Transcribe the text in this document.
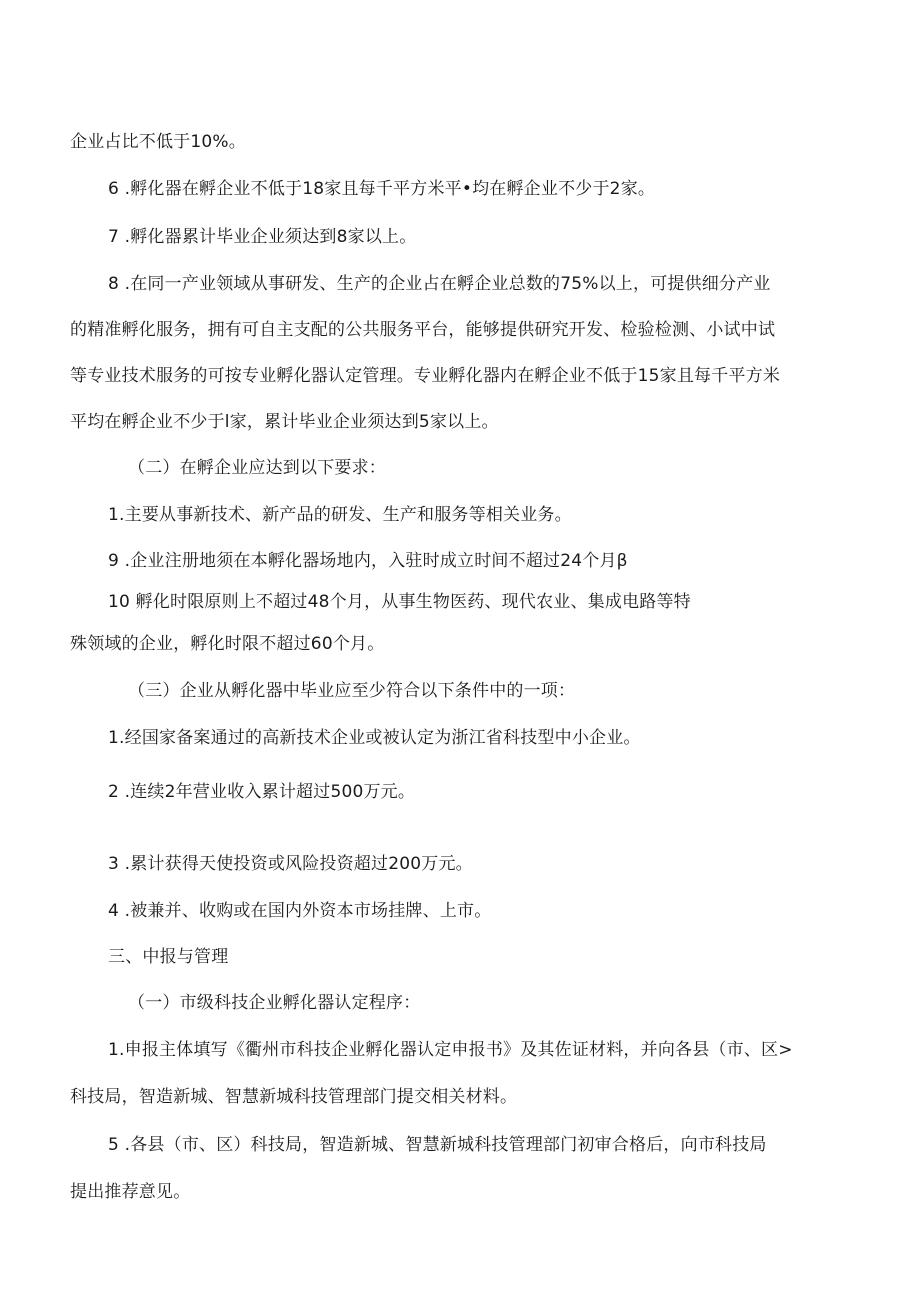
企业占比不低于10%。
6 .孵化器在孵企业不低于18家且每千平方米平•均在孵企业不少于2家。
7 .孵化器累计毕业企业须达到8家以上。
8 .在同一产业领域从事研发、生产的企业占在孵企业总数的75%以上，可提供细分产业
的精准孵化服务，拥有可自主支配的公共服务平台，能够提供研究开发、检验检测、小试中试
等专业技术服务的可按专业孵化器认定管理。专业孵化器内在孵企业不低于15家且每千平方米
平均在孵企业不少于l家，累计毕业企业须达到5家以上。
（二）在孵企业应达到以下要求：
1.主要从事新技术、新产品的研发、生产和服务等相关业务。
9 .企业注册地须在本孵化器场地内，入驻时成立时间不超过24个月β
10 孵化时限原则上不超过48个月，从事生物医药、现代农业、集成电路等特
殊领域的企业，孵化时限不超过60个月。
（三）企业从孵化器中毕业应至少符合以下条件中的一项：
1.经国家备案通过的高新技术企业或被认定为浙江省科技型中小企业。
2 .连续2年营业收入累计超过500万元。
3 .累计获得天使投资或风险投资超过200万元。
4 .被兼并、收购或在国内外资本市场挂牌、上市。
三、中报与管理
（一）市级科技企业孵化器认定程序：
1.申报主体填写《衢州市科技企业孵化器认定申报书》及其佐证材料，并向各县（市、区>
科技局，智造新城、智慧新城科技管理部门提交相关材料。
5 .各县（市、区）科技局，智造新城、智慧新城科技管理部门初审合格后，向市科技局
提出推荐意见。
